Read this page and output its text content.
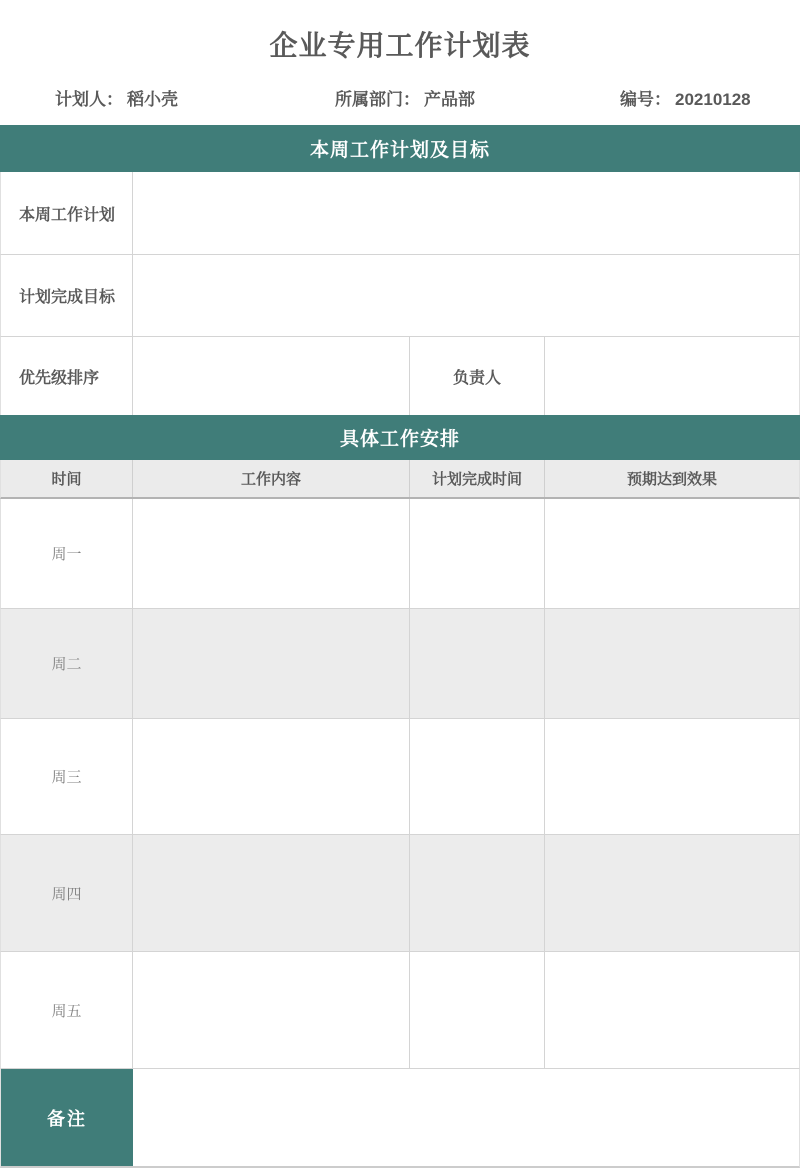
企业专用工作计划表
计划人： 稻小壳	所属部门： 产品部	编号： 20210128
本周工作计划及目标
本周工作计划
计划完成目标
优先级排序	负责人
具体工作安排
时间	工作内容	计划完成时间	预期达到效果
周一
周二
周三
周四
周五
备注
